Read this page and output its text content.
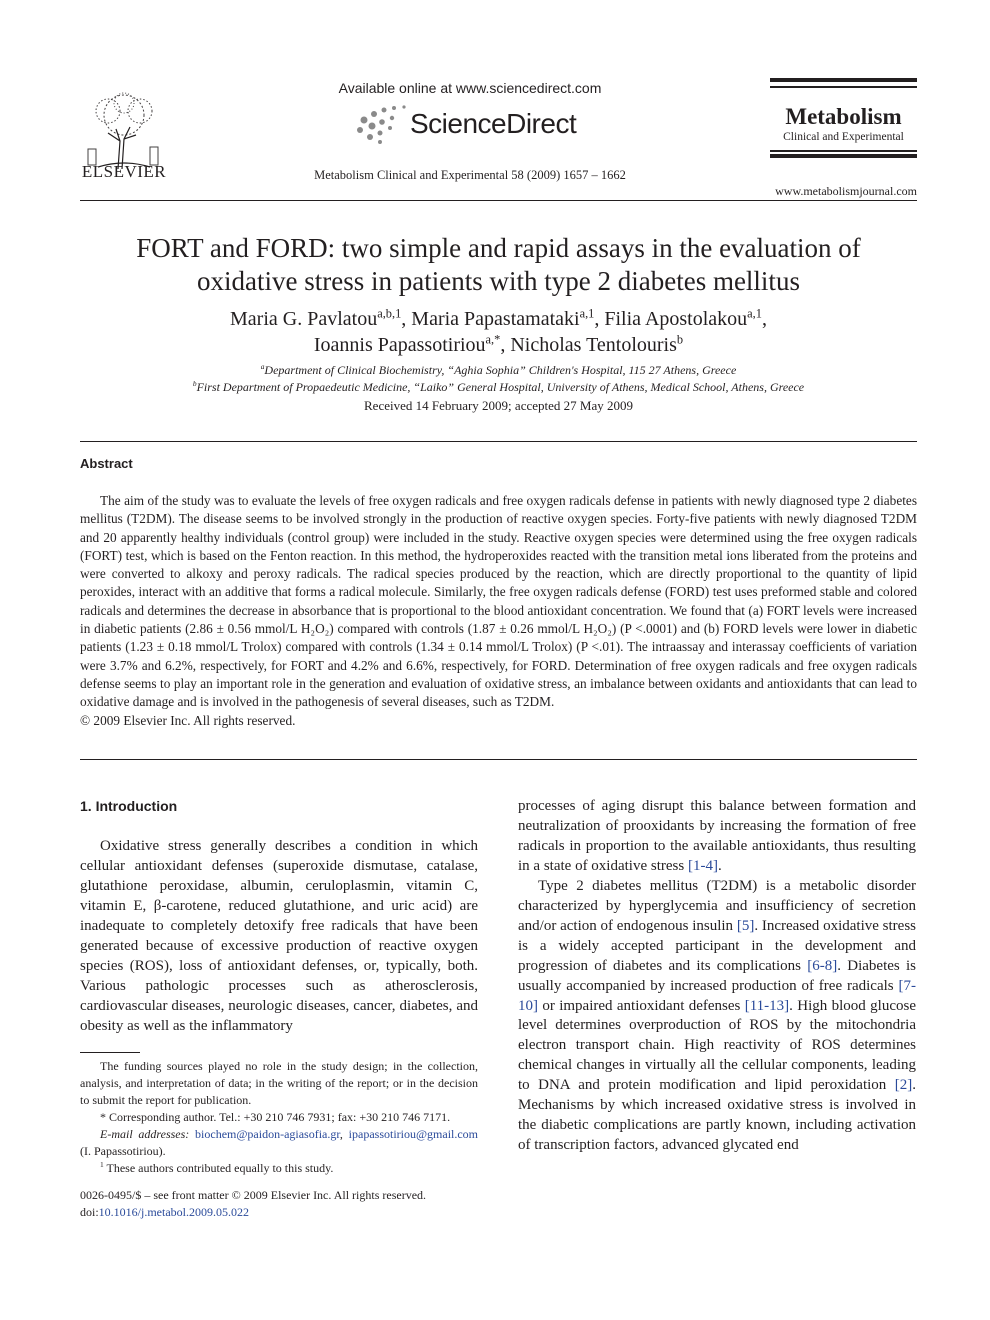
ELSEVIER
Available online at www.sciencedirect.com
ScienceDirect
Metabolism Clinical and Experimental 58 (2009) 1657 – 1662
Metabolism
Clinical and Experimental
www.metabolismjournal.com
FORT and FORD: two simple and rapid assays in the evaluation of
oxidative stress in patients with type 2 diabetes mellitus
Maria G. Pavlatou$^{a,b,1}$, Maria Papastamataki$^{a,1}$, Filia Apostolakou$^{a,1}$,
Ioannis Papassotiriou$^{a,*}$, Nicholas Tentolouris$^b$
$^a$Department of Clinical Biochemistry, “Aghia Sophia” Children's Hospital, 115 27 Athens, Greece
$^b$First Department of Propaedeutic Medicine, “Laiko” General Hospital, University of Athens, Medical School, Athens, Greece
Received 14 February 2009; accepted 27 May 2009
Abstract

The aim of the study was to evaluate the levels of free oxygen radicals and free oxygen radicals defense in patients with newly diagnosed type 2 diabetes mellitus (T2DM). The disease seems to be involved strongly in the production of reactive oxygen species. Forty-five patients with newly diagnosed T2DM and 20 apparently healthy individuals (control group) were included in the study. Reactive oxygen species were determined using the free oxygen radicals (FORT) test, which is based on the Fenton reaction. In this method, the hydroperoxides reacted with the transition metal ions liberated from the proteins and were converted to alkoxy and peroxy radicals. The radical species produced by the reaction, which are directly proportional to the quantity of lipid peroxides, interact with an additive that forms a radical molecule. Similarly, the free oxygen radicals defense (FORD) test uses preformed stable and colored radicals and determines the decrease in absorbance that is proportional to the blood antioxidant concentration. We found that (a) FORT levels were increased in diabetic patients (2.86 ± 0.56 mmol/L H₂O₂) compared with controls (1.87 ± 0.26 mmol/L H₂O₂) (P <.0001) and (b) FORD levels were lower in diabetic patients (1.23 ± 0.18 mmol/L Trolox) compared with controls (1.34 ± 0.14 mmol/L Trolox) (P <.01). The intraassay and interassay coefficients of variation were 3.7% and 6.2%, respectively, for FORT and 4.2% and 6.6%, respectively, for FORD. Determination of free oxygen radicals and free oxygen radicals defense seems to play an important role in the generation and evaluation of oxidative stress, an imbalance between oxidants and antioxidants that can lead to oxidative damage and is involved in the pathogenesis of several diseases, such as T2DM.

© 2009 Elsevier Inc. All rights reserved.

1. Introduction

Oxidative stress generally describes a condition in which cellular antioxidant defenses (superoxide dismutase, catalase, glutathione peroxidase, albumin, ceruloplasmin, vitamin C, vitamin E, β-carotene, reduced glutathione, and uric acid) are inadequate to completely detoxify free radicals that have been generated because of excessive production of reactive oxygen species (ROS), loss of antioxidant defenses, or, typically, both. Various pathologic processes such as atherosclerosis, cardiovascular diseases, neurologic diseases, cancer, diabetes, and obesity as well as the inflammatory

The funding sources played no role in the study design; in the collection, analysis, and interpretation of data; in the writing of the report; or in the decision to submit the report for publication.

* Corresponding author. Tel.: +30 210 746 7931; fax: +30 210 746 7171.

E-mail addresses: biochem@paidon-agiasofia.gr, ipapassotiriou@gmail.com (I. Papassotiriou).

$^1$ These authors contributed equally to this study.

0026-0495/$ – see front matter © 2009 Elsevier Inc. All rights reserved.
doi:10.1016/j.metabol.2009.05.022

processes of aging disrupt this balance between formation and neutralization of prooxidants by increasing the formation of free radicals in proportion to the available antioxidants, thus resulting in a state of oxidative stress [1-4].

Type 2 diabetes mellitus (T2DM) is a metabolic disorder characterized by hyperglycemia and insufficiency of secretion and/or action of endogenous insulin [5]. Increased oxidative stress is a widely accepted participant in the development and progression of diabetes and its complications [6-8]. Diabetes is usually accompanied by increased production of free radicals [7-10] or impaired antioxidant defenses [11-13]. High blood glucose level determines overproduction of ROS by the mitochondria electron transport chain. High reactivity of ROS determines chemical changes in virtually all the cellular components, leading to DNA and protein modification and lipid peroxidation [2]. Mechanisms by which increased oxidative stress is involved in the diabetic complications are partly known, including activation of transcription factors, advanced glycated end
